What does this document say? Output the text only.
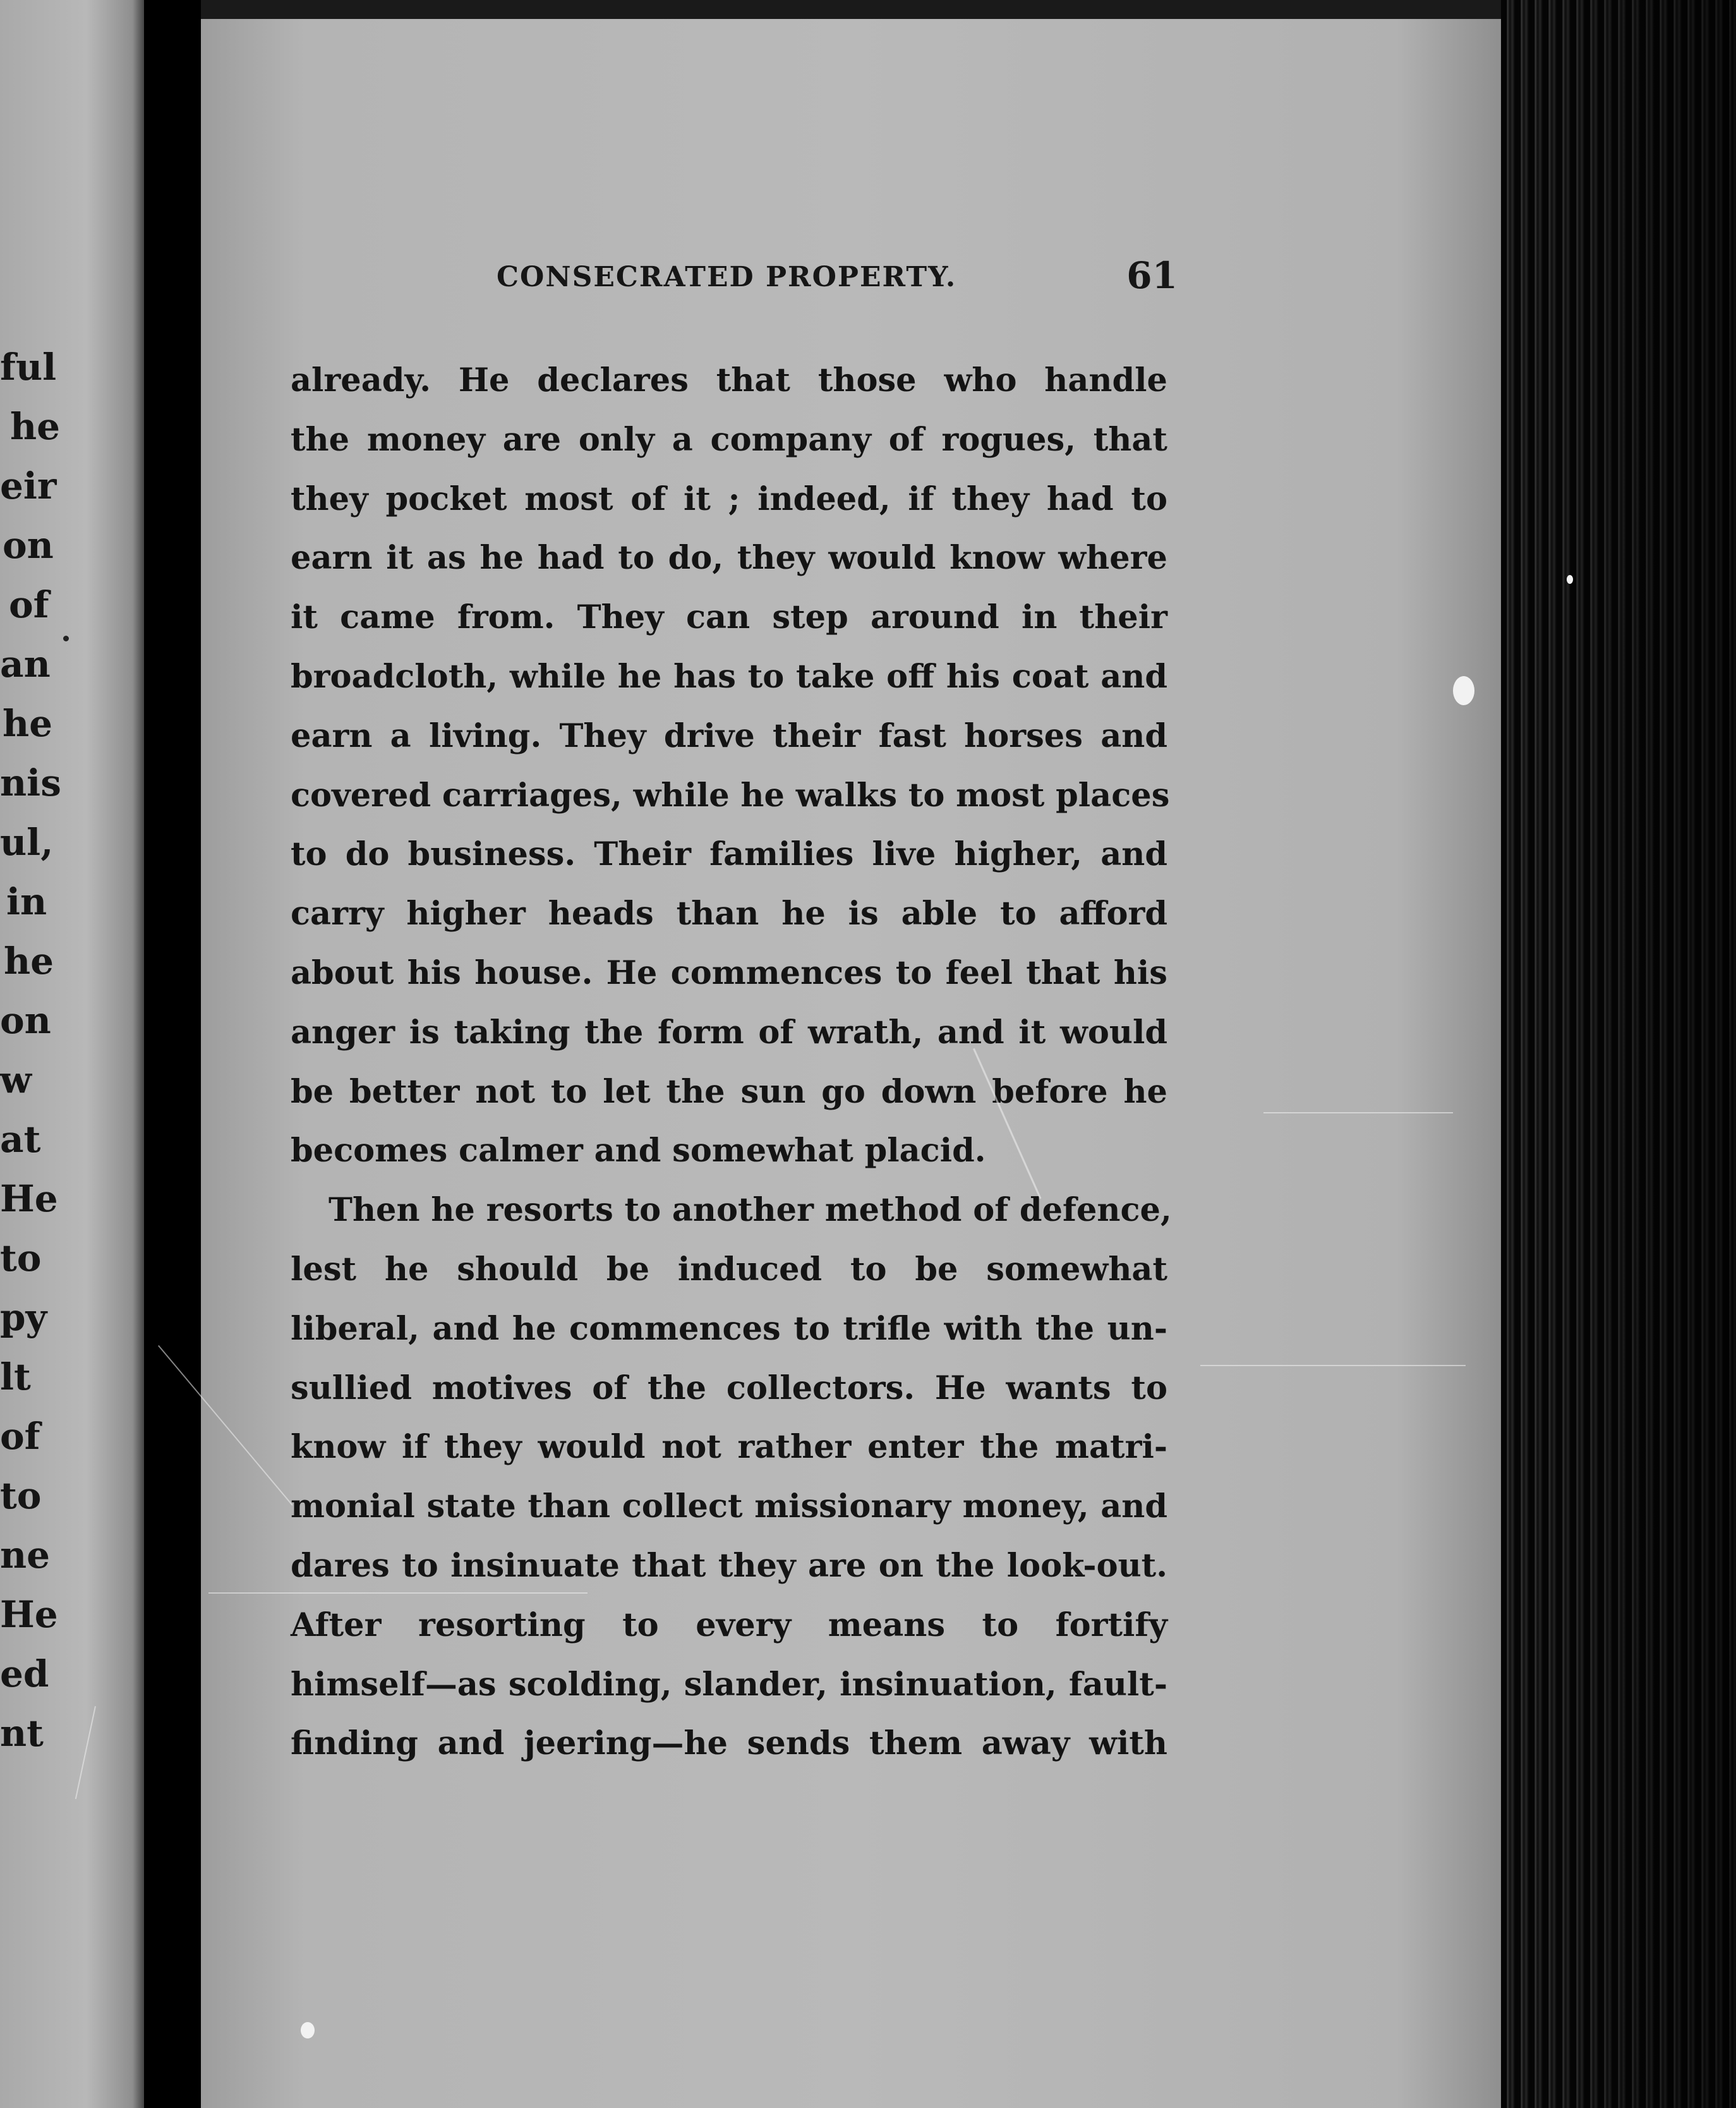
ful
he
eir
on
of
an
he
nis
ul,
in
he
on
w
at
He
to
py
lt
of
to
ne
He
ed
nt
CONSECRATED PROPERTY.	61
already. He declares that those who handle
the money are only a company of rogues, that
they pocket most of it ; indeed, if they had to
earn it as he had to do, they would know where
it came from. They can step around in their
broadcloth, while he has to take off his coat and
earn a living. They drive their fast horses and
covered carriages, while he walks to most places
to do business. Their families live higher, and
carry higher heads than he is able to afford
about his house. He commences to feel that his
anger is taking the form of wrath, and it would
be better not to let the sun go down before he
becomes calmer and somewhat placid.
Then he resorts to another method of defence,
lest he should be induced to be somewhat
liberal, and he commences to trifle with the un-
sullied motives of the collectors. He wants to
know if they would not rather enter the matri-
monial state than collect missionary money, and
dares to insinuate that they are on the look-out.
After resorting to every means to fortify
himself—as scolding, slander, insinuation, fault-
finding and jeering—he sends them away with
